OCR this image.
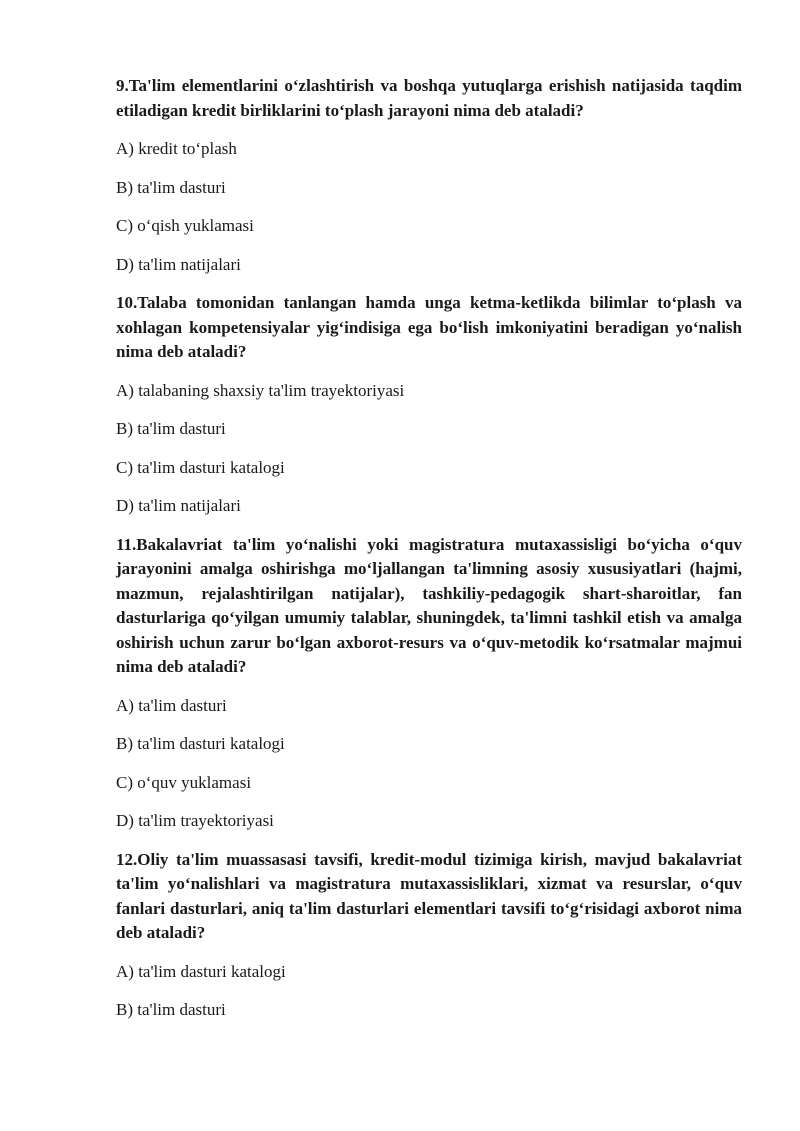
9.Ta'lim elementlarini o‘zlashtirish va boshqa yutuqlarga erishish natijasida taqdim etiladigan kredit birliklarini to‘plash jarayoni nima deb ataladi?

A) kredit to‘plash
B) ta'lim dasturi
C) o‘qish yuklamasi
D) ta'lim natijalari

10.Talaba tomonidan tanlangan hamda unga ketma-ketlikda bilimlar to‘plash va xohlagan kompetensiyalar yig‘indisiga ega bo‘lish imkoniyatini beradigan yo‘nalish nima deb ataladi?

A) talabaning shaxsiy ta'lim trayektoriyasi
B) ta'lim dasturi
C) ta'lim dasturi katalogi
D) ta'lim natijalari

11.Bakalavriat ta'lim yo‘nalishi yoki magistratura mutaxassisligi bo‘yicha o‘quv jarayonini amalga oshirishga mo‘ljallangan ta'limning asosiy xususiyatlari (hajmi, mazmun, rejalashtirilgan natijalar), tashkiliy-pedagogik shart-sharoitlar, fan dasturlariga qo‘yilgan umumiy talablar, shuningdek, ta'limni tashkil etish va amalga oshirish uchun zarur bo‘lgan axborot-resurs va o‘quv-metodik ko‘rsatmalar majmui nima deb ataladi?

A) ta'lim dasturi
B) ta'lim dasturi katalogi
C) o‘quv yuklamasi
D) ta'lim trayektoriyasi

12.Oliy ta'lim muassasasi tavsifi, kredit-modul tizimiga kirish, mavjud bakalavriat ta'lim yo‘nalishlari va magistratura mutaxassisliklari, xizmat va resurslar, o‘quv fanlari dasturlari, aniq ta'lim dasturlari elementlari tavsifi to‘g‘risidagi axborot nima deb ataladi?

A) ta'lim dasturi katalogi
B) ta'lim dasturi
